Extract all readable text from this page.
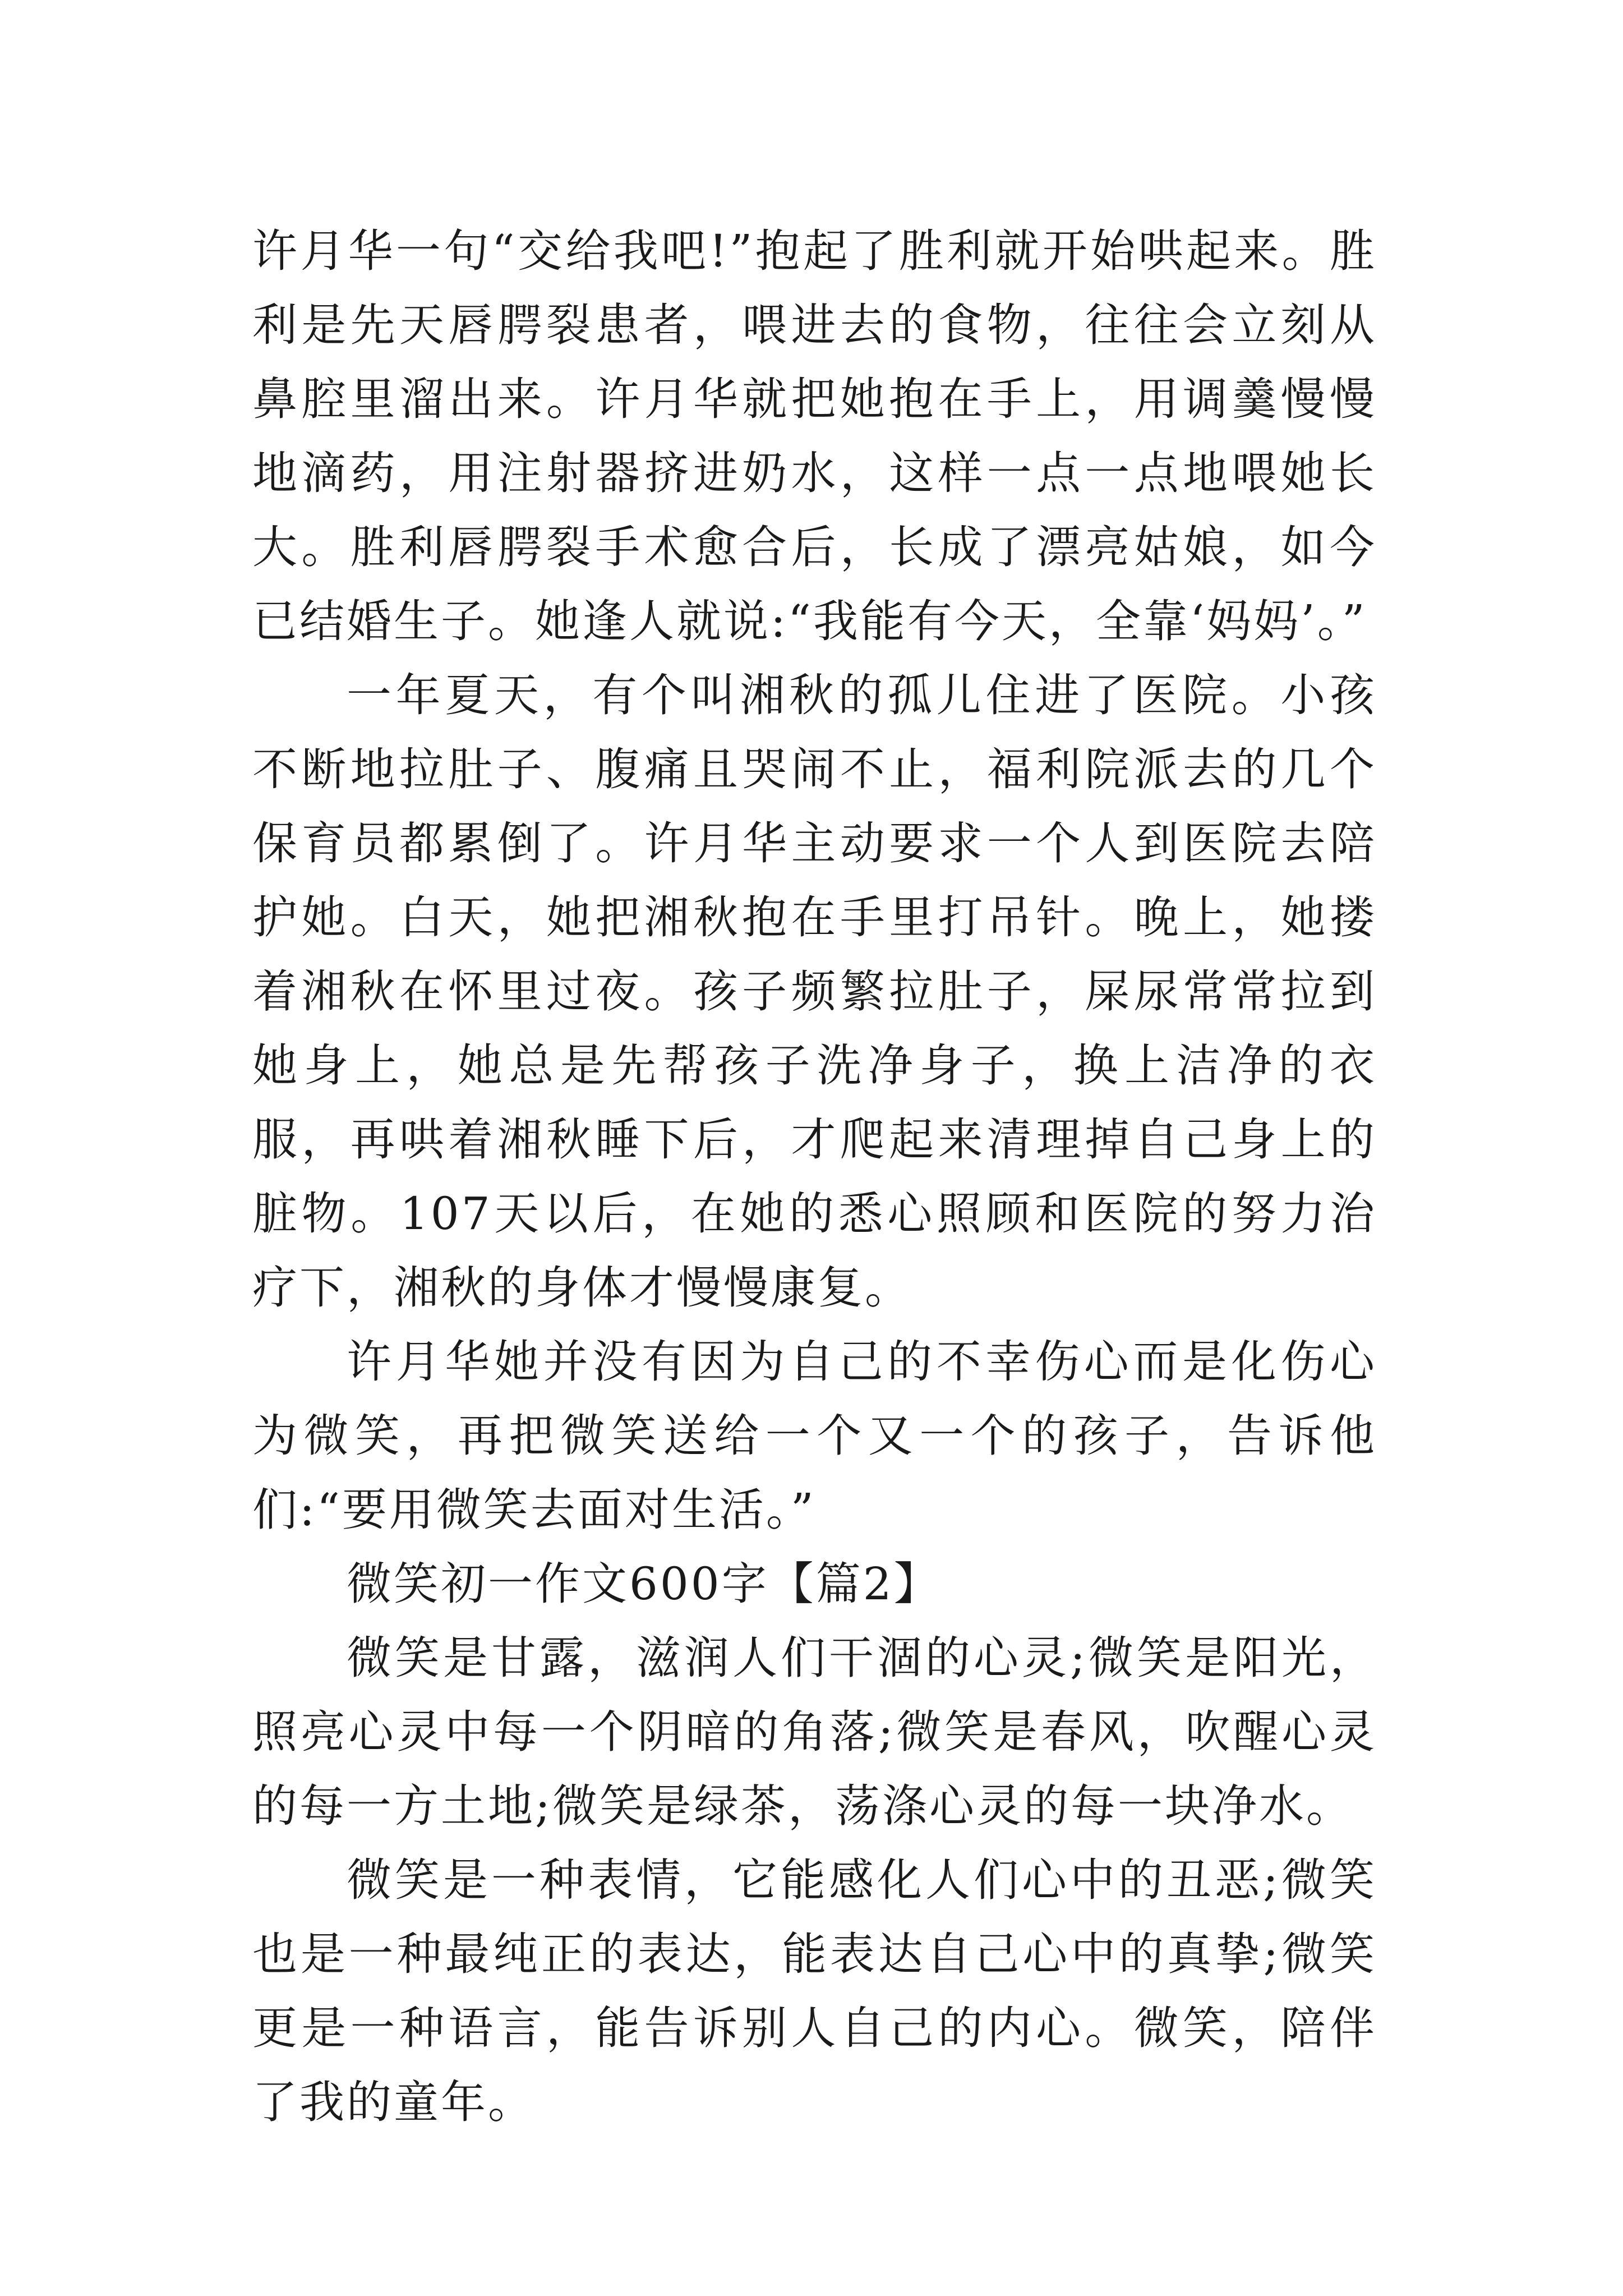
许月华一句“交给我吧!”抱起了胜利就开始哄起来。胜利是先天唇腭裂患者，喂进去的食物，往往会立刻从鼻腔里溜出来。许月华就把她抱在手上，用调羹慢慢地滴药，用注射器挤进奶水，这样一点一点地喂她长大。胜利唇腭裂手术愈合后，长成了漂亮姑娘，如今已结婚生子。她逢人就说:“我能有今天，全靠‘妈妈’。”

一年夏天，有个叫湘秋的孤儿住进了医院。小孩不断地拉肚子、腹痛且哭闹不止，福利院派去的几个保育员都累倒了。许月华主动要求一个人到医院去陪护她。白天，她把湘秋抱在手里打吊针。晚上，她搂着湘秋在怀里过夜。孩子频繁拉肚子，屎尿常常拉到她身上，她总是先帮孩子洗净身子，换上洁净的衣服，再哄着湘秋睡下后，才爬起来清理掉自己身上的脏物。107天以后，在她的悉心照顾和医院的努力治疗下，湘秋的身体才慢慢康复。

许月华她并没有因为自己的不幸伤心而是化伤心为微笑，再把微笑送给一个又一个的孩子，告诉他们:“要用微笑去面对生活。”

微笑初一作文600字【篇2】

微笑是甘露，滋润人们干涸的心灵;微笑是阳光，照亮心灵中每一个阴暗的角落;微笑是春风，吹醒心灵的每一方土地;微笑是绿茶，荡涤心灵的每一块净水。

微笑是一种表情，它能感化人们心中的丑恶;微笑也是一种最纯正的表达，能表达自己心中的真挚;微笑更是一种语言，能告诉别人自己的内心。微笑，陪伴了我的童年。
